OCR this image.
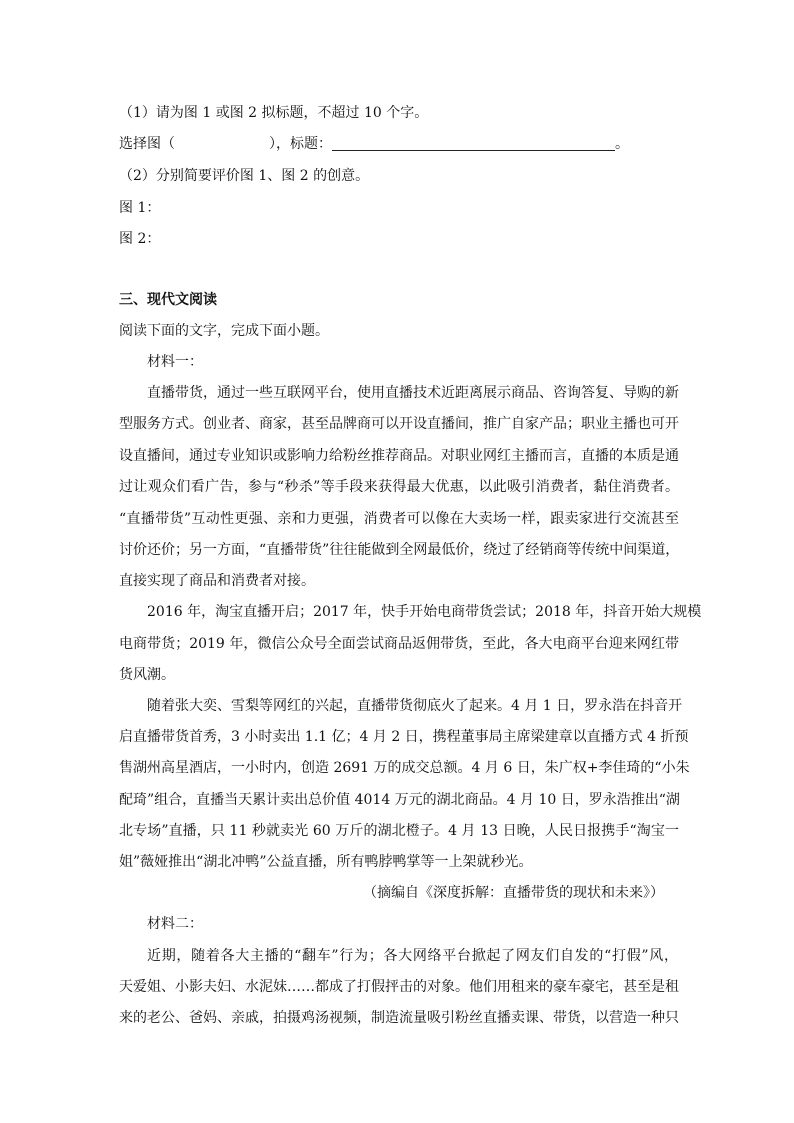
（1）请为图 1 或图 2 拟标题，不超过 10 个字。
选择图（	），标题：	。
（2）分别简要评价图 1、图 2 的创意。
图 1：
图 2：
三、现代文阅读
阅读下面的文字，完成下面小题。
材料一：
直播带货，通过一些互联网平台，使用直播技术近距离展示商品、咨询答复、导购的新
型服务方式。创业者、商家，甚至品牌商可以开设直播间，推广自家产品；职业主播也可开
设直播间，通过专业知识或影响力给粉丝推荐商品。对职业网红主播而言，直播的本质是通
过让观众们看广告，参与“秒杀”等手段来获得最大优惠，以此吸引消费者，黏住消费者。
“直播带货”互动性更强、亲和力更强，消费者可以像在大卖场一样，跟卖家进行交流甚至
讨价还价；另一方面，“直播带货”往往能做到全网最低价，绕过了经销商等传统中间渠道，
直接实现了商品和消费者对接。
2016 年，淘宝直播开启；2017 年，快手开始电商带货尝试；2018 年，抖音开始大规模
电商带货；2019 年，微信公众号全面尝试商品返佣带货，至此，各大电商平台迎来网红带
货风潮。
随着张大奕、雪梨等网红的兴起，直播带货彻底火了起来。4 月 1 日，罗永浩在抖音开
启直播带货首秀，3 小时卖出 1.1 亿；4 月 2 日，携程董事局主席梁建章以直播方式 4 折预
售湖州高星酒店，一小时内，创造 2691 万的成交总额。4 月 6 日，朱广权+李佳琦的“小朱
配琦”组合，直播当天累计卖出总价值 4014 万元的湖北商品。4 月 10 日，罗永浩推出“湖
北专场”直播，只 11 秒就卖光 60 万斤的湖北橙子。4 月 13 日晚，人民日报携手“淘宝一
姐”薇娅推出“湖北冲鸭”公益直播，所有鸭脖鸭掌等一上架就秒光。
（摘编自《深度拆解：直播带货的现状和未来》）
材料二：
近期，随着各大主播的“翻车”行为；各大网络平台掀起了网友们自发的“打假”风，
天爱姐、小影夫妇、水泥妹……都成了打假抨击的对象。他们用租来的豪车豪宅，甚至是租
来的老公、爸妈、亲戚，拍摄鸡汤视频，制造流量吸引粉丝直播卖课、带货，以营造一种只
